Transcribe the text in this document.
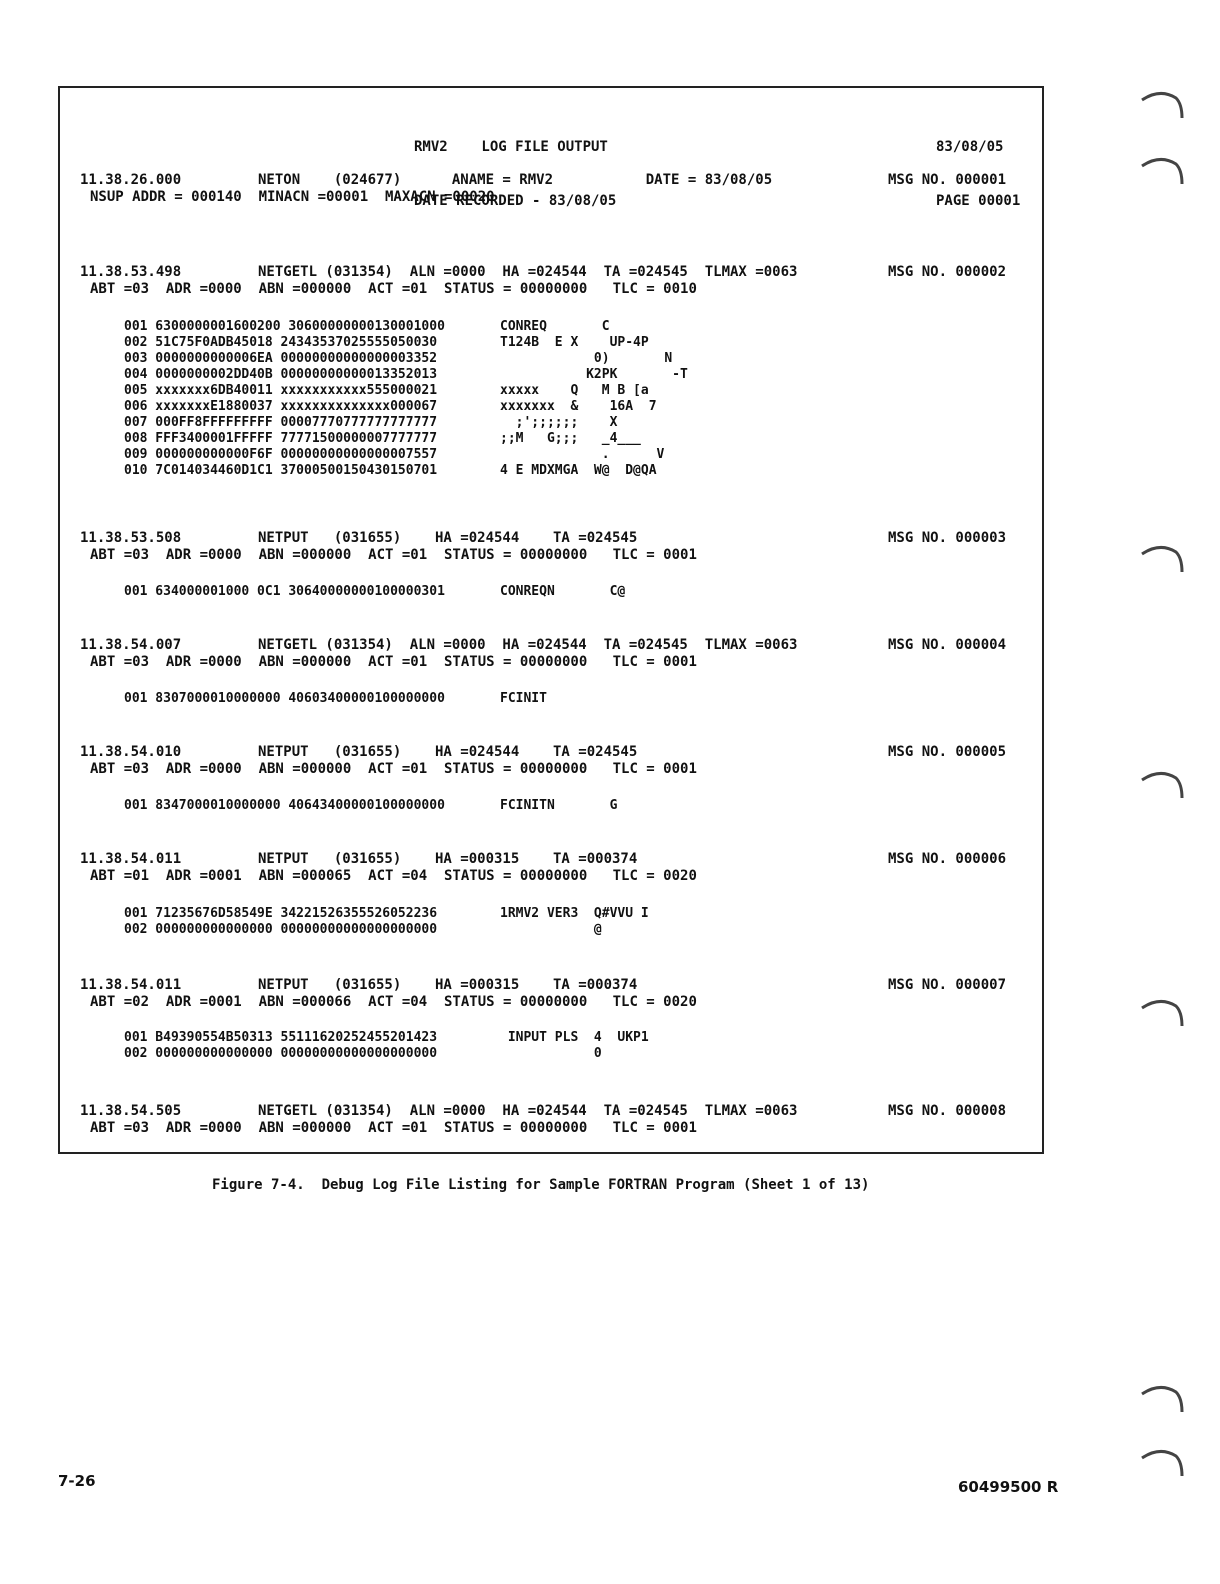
RMV2    LOG FILE OUTPUT

DATE RECORDED - 83/08/05

83/08/05

PAGE 00001

11.38.26.000	NETON    (024677)      ANAME = RMV2           DATE = 83/08/05	MSG NO. 000001
NSUP ADDR = 000140  MINACN =00001  MAXACN =00020
11.38.53.498	NETGETL (031354)  ALN =0000  HA =024544  TA =024545  TLMAX =0063	MSG NO. 000002
ABT =03  ADR =0000  ABN =000000  ACT =01  STATUS = 00000000   TLC = 0010
001 6300000001600200 30600000000130001000	CONREQ       C
002 51C75F0ADB45018 24343537025555050030	T124B  E X    UP-4P
003 0000000000006EA 00000000000000003352	0)       N
004 0000000002DD40B 00000000000013352013	K2PK       -T
005 xxxxxxx6DB40011 xxxxxxxxxxx555000021	xxxxx    Q   M B [a
006 xxxxxxxE1880037 xxxxxxxxxxxxxx000067	xxxxxxx  &    16A  7
007 000FF8FFFFFFFFF 00007770777777777777	;';;;;;;    X
008 FFF3400001FFFFF 77771500000007777777	;;M   G;;;   _4___
009 000000000000F6F 00000000000000007557	.      V
010 7C014034460D1C1 37000500150430150701	4 E MDXMGA  W@  D@QA
11.38.53.508	NETPUT   (031655)    HA =024544    TA =024545	MSG NO. 000003
ABT =03  ADR =0000  ABN =000000  ACT =01  STATUS = 00000000   TLC = 0001
001 634000001000 0C1 30640000000100000301	CONREQN       C@
11.38.54.007	NETGETL (031354)  ALN =0000  HA =024544  TA =024545  TLMAX =0063	MSG NO. 000004
ABT =03  ADR =0000  ABN =000000  ACT =01  STATUS = 00000000   TLC = 0001
001 8307000010000000 40603400000100000000	FCINIT
11.38.54.010	NETPUT   (031655)    HA =024544    TA =024545	MSG NO. 000005
ABT =03  ADR =0000  ABN =000000  ACT =01  STATUS = 00000000   TLC = 0001
001 8347000010000000 40643400000100000000	FCINITN       G
11.38.54.011	NETPUT   (031655)    HA =000315    TA =000374	MSG NO. 000006
ABT =01  ADR =0001  ABN =000065  ACT =04  STATUS = 00000000   TLC = 0020
001 71235676D58549E 34221526355526052236	1RMV2 VER3  Q#VVU I
002 000000000000000 00000000000000000000	@
11.38.54.011	NETPUT   (031655)    HA =000315    TA =000374	MSG NO. 000007
ABT =02  ADR =0001  ABN =000066  ACT =04  STATUS = 00000000   TLC = 0020
001 B49390554B50313 55111620252455201423	INPUT PLS  4  UKP1
002 000000000000000 00000000000000000000	0
11.38.54.505	NETGETL (031354)  ALN =0000  HA =024544  TA =024545  TLMAX =0063	MSG NO. 000008
ABT =03  ADR =0000  ABN =000000  ACT =01  STATUS = 00000000   TLC = 0001
Figure 7-4.  Debug Log File Listing for Sample FORTRAN Program (Sheet 1 of 13)
7-26	60499500 R
